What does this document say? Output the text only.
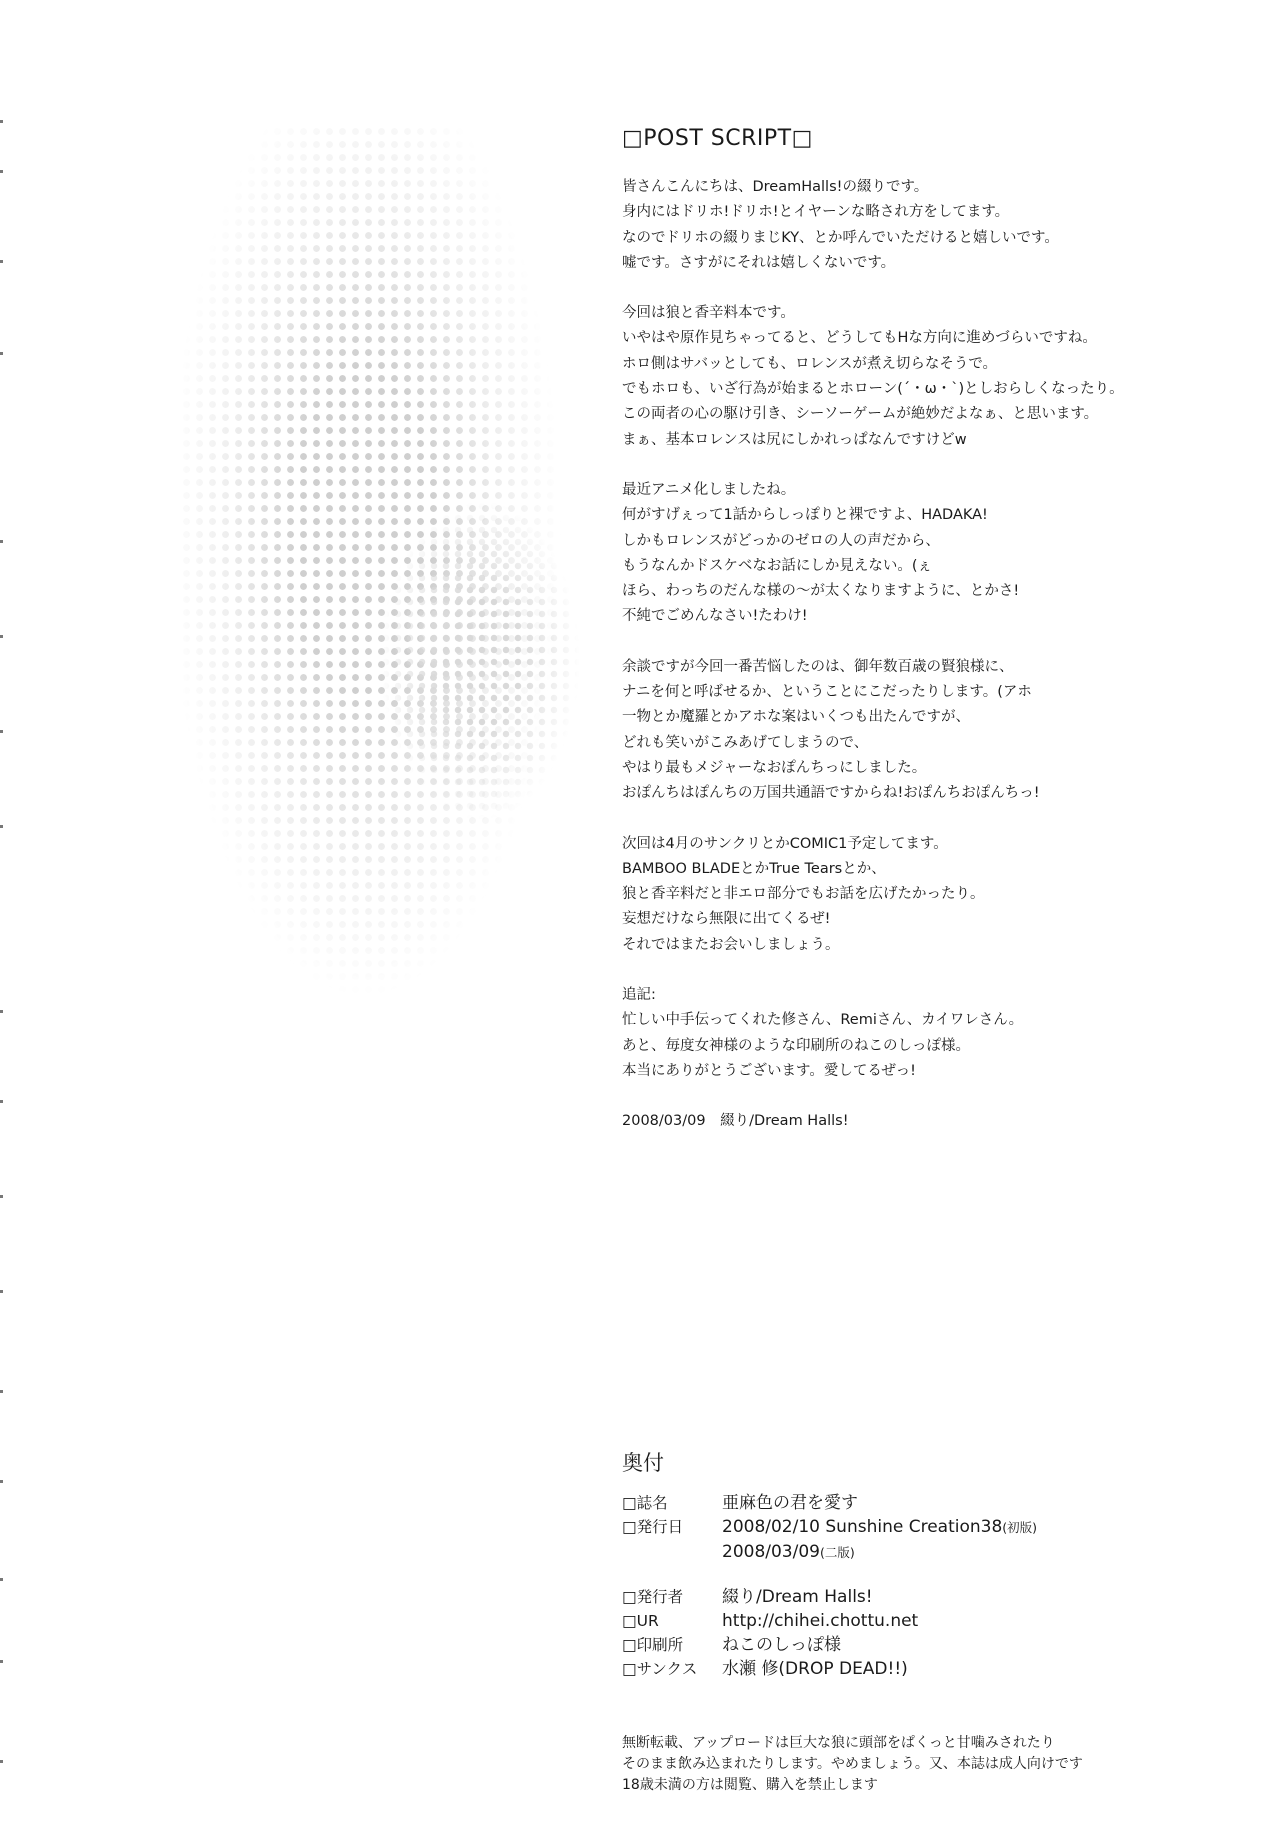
□POST SCRIPT□
皆さんこんにちは、DreamHalls!の綴りです。
身内にはドリホ!ドリホ!とイヤーンな略され方をしてます。
なのでドリホの綴りまじKY、とか呼んでいただけると嬉しいです。
嘘です。さすがにそれは嬉しくないです。
今回は狼と香辛料本です。
いやはや原作見ちゃってると、どうしてもHな方向に進めづらいですね。
ホロ側はサバッとしても、ロレンスが煮え切らなそうで。
でもホロも、いざ行為が始まるとホローン(´・ω・`)としおらしくなったり。
この両者の心の駆け引き、シーソーゲームが絶妙だよなぁ、と思います。
まぁ、基本ロレンスは尻にしかれっぱなんですけどw
最近アニメ化しましたね。
何がすげぇって1話からしっぽりと裸ですよ、HADAKA!
しかもロレンスがどっかのゼロの人の声だから、
もうなんかドスケベなお話にしか見えない。(ぇ
ほら、わっちのだんな様の～が太くなりますように、とかさ!
不純でごめんなさい!たわけ!
余談ですが今回一番苦悩したのは、御年数百歳の賢狼様に、
ナニを何と呼ばせるか、ということにこだったりします。(アホ
一物とか魔羅とかアホな案はいくつも出たんですが、
どれも笑いがこみあげてしまうので、
やはり最もメジャーなおぽんちっにしました。
おぽんちはぽんちの万国共通語ですからね!おぽんちおぽんちっ!
次回は4月のサンクリとかCOMIC1予定してます。
BAMBOO BLADEとかTrue Tearsとか、
狼と香辛料だと非エロ部分でもお話を広げたかったり。
妄想だけなら無限に出てくるぜ!
それではまたお会いしましょう。
追記:
忙しい中手伝ってくれた修さん、Remiさん、カイワレさん。
あと、毎度女神様のような印刷所のねこのしっぽ様。
本当にありがとうございます。愛してるぜっ!
2008/03/09　綴り/Dream Halls!
奥付
□誌名	亜麻色の君を愛す
□発行日	2008/02/10 Sunshine Creation38(初版)
2008/03/09(二版)
□発行者	綴り/Dream Halls!
□UR	http://chihei.chottu.net
□印刷所	ねこのしっぽ様
□サンクス	水瀬 修(DROP DEAD!!)
無断転載、アップロードは巨大な狼に頭部をぱくっと甘噛みされたり
そのまま飲み込まれたりします。やめましょう。又、本誌は成人向けです
18歳未満の方は閲覧、購入を禁止します
